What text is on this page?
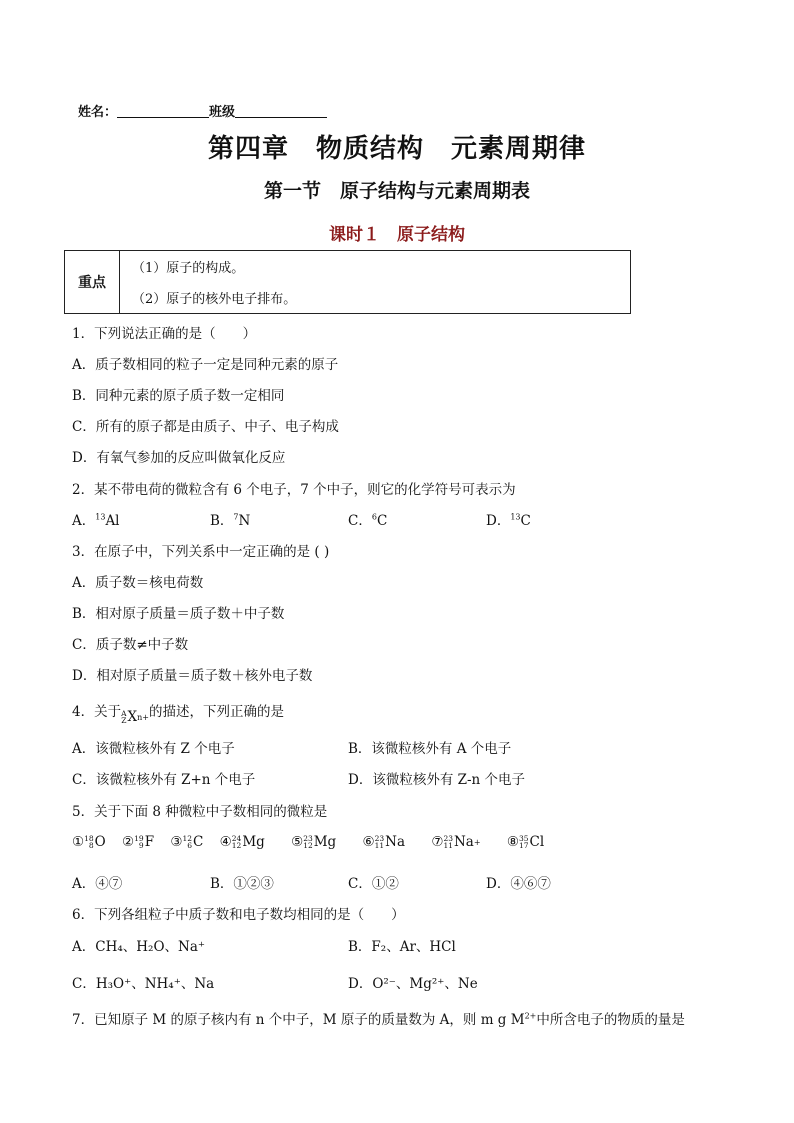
姓名：	班级
第四章　物质结构　元素周期律
第一节　原子结构与元素周期表
课时１　原子结构
重点
（1）原子的构成。
（2）原子的核外电子排布。
1．下列说法正确的是（　　）
A．质子数相同的粒子一定是同种元素的原子
B．同种元素的原子质子数一定相同
C．所有的原子都是由质子、中子、电子构成
D．有氧气参加的反应叫做氧化反应
2．某不带电荷的微粒含有 6 个电子，7 个中子，则它的化学符号可表示为
A．$^{13}$Al	B．$^7$N	C．$^6$C	D．$^{13}$C
3．在原子中，下列关系中一定正确的是 ( )
A．质子数＝核电荷数
B．相对原子质量＝质子数＋中子数
C．质子数≠中子数
D．相对原子质量＝质子数＋核外电子数
4．关于 A
Z X n+ 的描述，下列正确的是
A．该微粒核外有 Z 个电子	B．该微粒核外有 A 个电子
C．该微粒核外有 Z+n 个电子	D．该微粒核外有 Z-n 个电子
5．关于下面 8 种微粒中子数相同的微粒是
① 18
8 O
② 19
9 F
③ 12
6 C
④ 24
12 Mg
⑤ 23
12 Mg
⑥ 23
11 Na
⑦ 23
11 Na +
⑧ 35
17 Cl
A．④⑦	B．①②③	C．①②	D．④⑥⑦
6．下列各组粒子中质子数和电子数均相同的是（　　）
A．CH₄、H₂O、Na⁺	B．F₂、Ar、HCl
C．H₃O⁺、NH₄⁺、Na	D．O²⁻、Mg²⁺、Ne
7．已知原子 M 的原子核内有 n 个中子，M 原子的质量数为 A，则 m g $M^{2+}$中所含电子的物质的量是
